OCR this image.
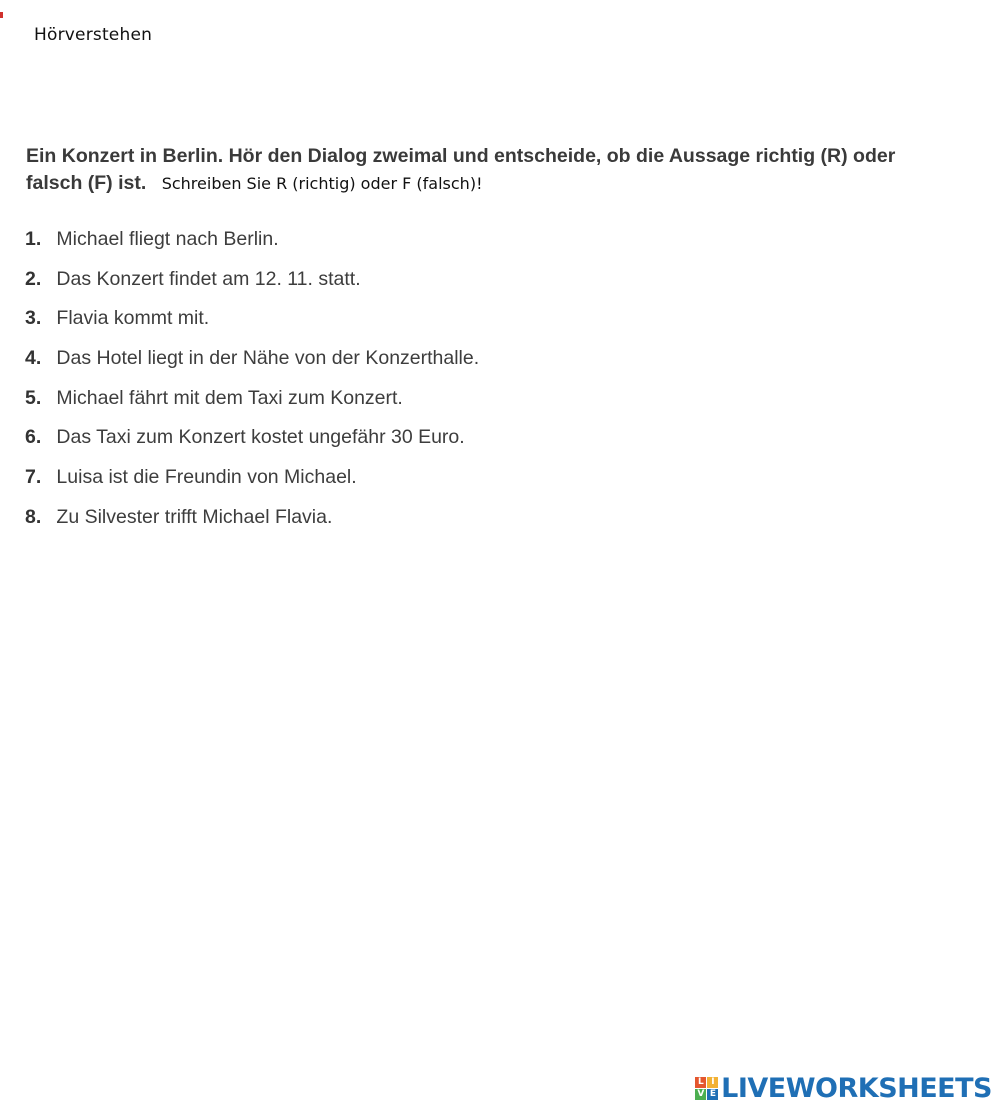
Hörverstehen
Ein Konzert in Berlin. Hör den Dialog zweimal und entscheide, ob die Aussage richtig (R) oder falsch (F) ist. Schreiben Sie R (richtig) oder F (falsch)!
1. Michael fliegt nach Berlin.
2. Das Konzert findet am 12. 11. statt.
3. Flavia kommt mit.
4. Das Hotel liegt in der Nähe von der Konzerthalle.
5. Michael fährt mit dem Taxi zum Konzert.
6. Das Taxi zum Konzert kostet ungefähr 30 Euro.
7. Luisa ist die Freundin von Michael.
8. Zu Silvester trifft Michael Flavia.
L I
V E LIVEWORKSHEETS
